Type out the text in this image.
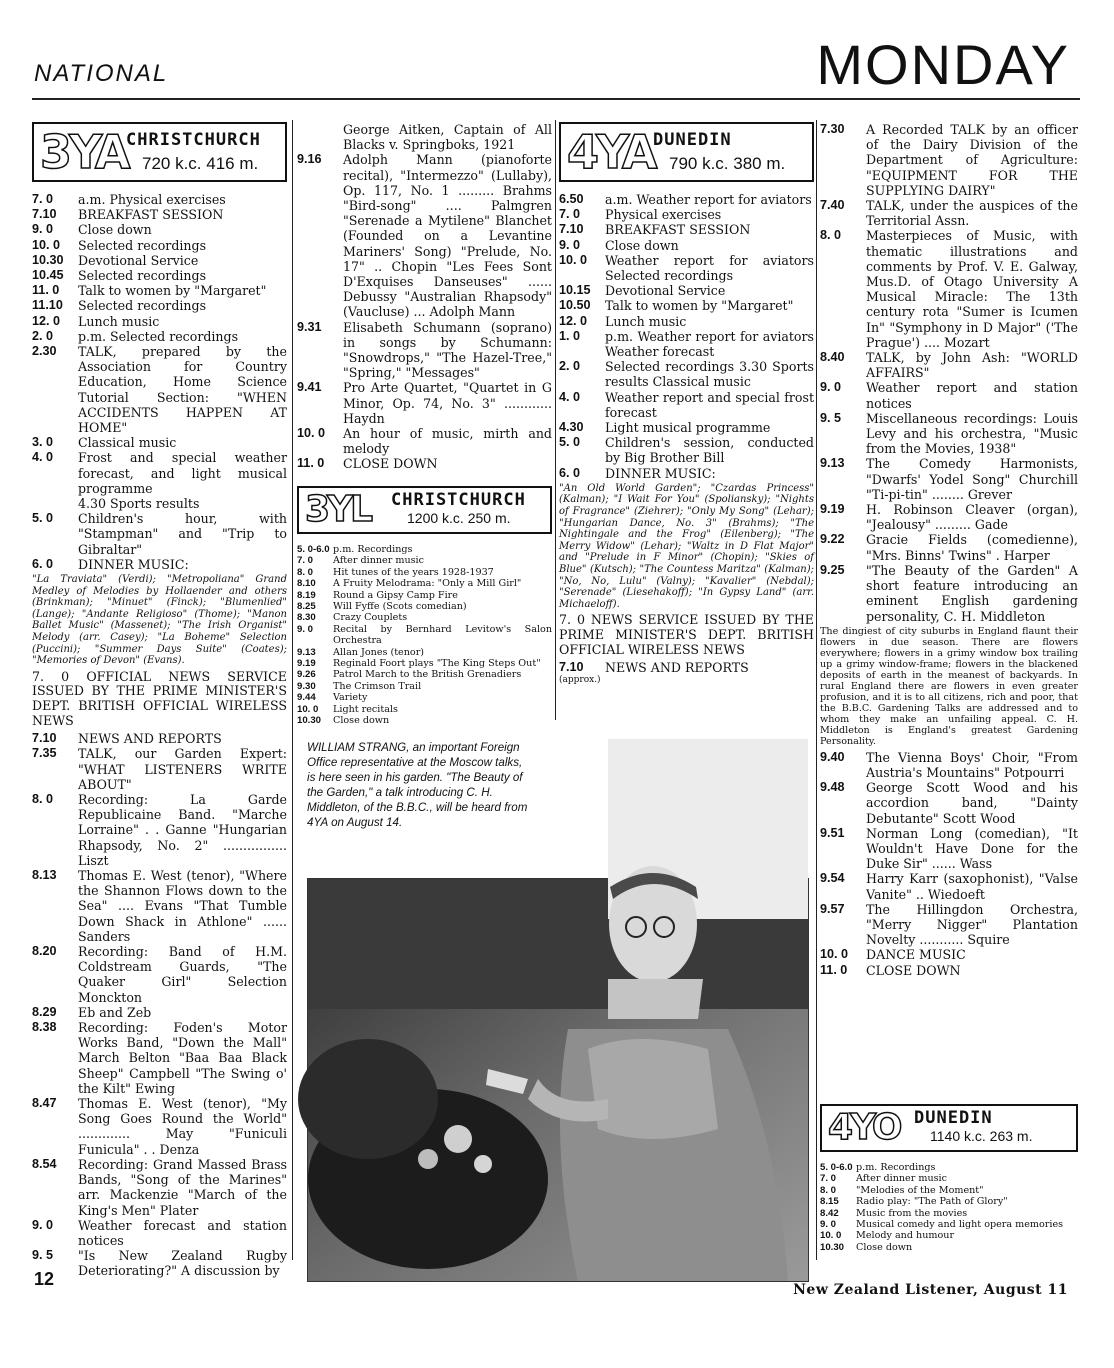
NATIONAL	MONDAY
3YA
CHRISTCHURCH
720 k.c. 416 m.
7. 0	a.m. Physical exercises
7.10	BREAKFAST SESSION
9. 0	Close down
10. 0	Selected recordings
10.30	Devotional Service
10.45	Selected recordings
11. 0	Talk to women by "Margaret"
11.10	Selected recordings
12. 0	Lunch music
2. 0	p.m. Selected recordings
2.30	TALK, prepared by the Association for Country Education, Home Science Tutorial Section: "WHEN ACCIDENTS HAPPEN AT HOME"
3. 0	Classical music
4. 0	Frost and special weather forecast, and light musical programme
4.30 Sports results
5. 0	Children's hour, with "Stampman" and "Trip to Gibraltar"
6. 0	DINNER MUSIC:
"La Traviata" (Verdi); "Metropoliana" Grand Medley of Melodies by Hollaender and others (Brinkman); "Minuet" (Finck); "Blumenlied" (Lange); "Andante Religioso" (Thome); "Manon Ballet Music" (Massenet); "The Irish Organist" Melody (arr. Casey); "La Boheme" Selection (Puccini); "Summer Days Suite" (Coates); "Memories of Devon" (Evans).
7. 0 OFFICIAL NEWS SERVICE ISSUED BY THE PRIME MINISTER'S DEPT. BRITISH OFFICIAL WIRELESS NEWS
7.10	NEWS AND REPORTS
7.35	TALK, our Garden Expert: "WHAT LISTENERS WRITE ABOUT"
8. 0	Recording: La Garde Republicaine Band. "Marche Lorraine" . . Ganne "Hungarian Rhapsody, No. 2" ................ Liszt
8.13	Thomas E. West (tenor), "Where the Shannon Flows down to the Sea" .... Evans "That Tumble Down Shack in Athlone" ...... Sanders
8.20	Recording: Band of H.M. Coldstream Guards, "The Quaker Girl" Selection Monckton
8.29	Eb and Zeb
8.38	Recording: Foden's Motor Works Band, "Down the Mall" March Belton "Baa Baa Black Sheep" Campbell "The Swing o' the Kilt" Ewing
8.47	Thomas E. West (tenor), "My Song Goes Round the World" ............. May "Funiculi Funicula" . . Denza
8.54	Recording: Grand Massed Brass Bands, "Song of the Marines" arr. Mackenzie "March of the King's Men" Plater
9. 0	Weather forecast and station notices
9. 5	"Is New Zealand Rugby Deteriorating?" A discussion by
George Aitken, Captain of All Blacks v. Springboks, 1921
9.16	Adolph Mann (pianoforte recital), "Intermezzo" (Lullaby), Op. 117, No. 1 ......... Brahms "Bird-song" .... Palmgren "Serenade a Mytilene" Blanchet (Founded on a Levantine Mariners' Song) "Prelude, No. 17" .. Chopin "Les Fees Sont D'Exquises Danseuses" ...... Debussy "Australian Rhapsody" (Vaucluse) ... Adolph Mann
9.31	Elisabeth Schumann (soprano) in songs by Schumann: "Snowdrops," "The Hazel-Tree," "Spring," "Messages"
9.41	Pro Arte Quartet, "Quartet in G Minor, Op. 74, No. 3" ............ Haydn
10. 0	An hour of music, mirth and melody
11. 0	CLOSE DOWN
3YL CHRISTCHURCH
1200 k.c. 250 m.
5. 0-6.0 p.m. Recordings
7. 0	After dinner music
8. 0	Hit tunes of the years 1928-1937
8.10	A Fruity Melodrama: "Only a Mill Girl"
8.19	Round a Gipsy Camp Fire
8.25	Will Fyffe (Scots comedian)
8.30	Crazy Couplets
9. 0	Recital by Bernhard Levitow's Salon Orchestra
9.13	Allan Jones (tenor)
9.19	Reginald Foort plays "The King Steps Out"
9.26	Patrol March to the British Grenadiers
9.30	The Crimson Trail
9.44	Variety
10. 0	Light recitals
10.30	Close down
4YA
DUNEDIN
790 k.c. 380 m.
6.50	a.m. Weather report for aviators
7. 0	Physical exercises
7.10	BREAKFAST SESSION
9. 0	Close down
10. 0	Weather report for aviators Selected recordings
10.15	Devotional Service
10.50	Talk to women by "Margaret"
12. 0	Lunch music
1. 0	p.m. Weather report for aviators Weather forecast
2. 0	Selected recordings 3.30 Sports results Classical music
4. 0	Weather report and special frost forecast
4.30	Light musical programme
5. 0	Children's session, conducted by Big Brother Bill
6. 0	DINNER MUSIC:
"An Old World Garden"; "Czardas Princess" (Kalman); "I Wait For You" (Spoliansky); "Nights of Fragrance" (Ziehrer); "Only My Song" (Lehar); "Hungarian Dance, No. 3" (Brahms); "The Nightingale and the Frog" (Eilenberg); "The Merry Widow" (Lehar); "Waltz in D Flat Major" and "Prelude in F Minor" (Chopin); "Skies of Blue" (Kutsch); "The Countess Maritza" (Kalman); "No, No, Lulu" (Valny); "Kavalier" (Nebdal); "Serenade" (Liesehakoff); "In Gypsy Land" (arr. Michaeloff).
7. 0 NEWS SERVICE ISSUED BY THE PRIME MINISTER'S DEPT. BRITISH OFFICIAL WIRELESS NEWS
7.10	NEWS AND REPORTS
(approx.)
WILLIAM STRANG, an important Foreign Office representative at the Moscow talks, is here seen in his garden. "The Beauty of the Garden," a talk introducing C. H. Middleton, of the B.B.C., will be heard from 4YA on August 14.
7.30	A Recorded TALK by an officer of the Dairy Division of the Department of Agriculture: "EQUIPMENT FOR THE SUPPLYING DAIRY"
7.40	TALK, under the auspices of the Territorial Assn.
8. 0	Masterpieces of Music, with thematic illustrations and comments by Prof. V. E. Galway, Mus.D. of Otago University A Musical Miracle: The 13th century rota "Sumer is Icumen In" "Symphony in D Major" ('The Prague') .... Mozart
8.40	TALK, by John Ash: "WORLD AFFAIRS"
9. 0	Weather report and station notices
9. 5	Miscellaneous recordings: Louis Levy and his orchestra, "Music from the Movies, 1938"
9.13	The Comedy Harmonists, "Dwarfs' Yodel Song" Churchill "Ti-pi-tin" ........ Grever
9.19	H. Robinson Cleaver (organ), "Jealousy" ......... Gade
9.22	Gracie Fields (comedienne), "Mrs. Binns' Twins" . Harper
9.25	"The Beauty of the Garden" A short feature introducing an eminent English gardening personality, C. H. Middleton
The dingiest of city suburbs in England flaunt their flowers in due season. There are flowers everywhere; flowers in a grimy window box trailing up a grimy window-frame; flowers in the blackened deposits of earth in the meanest of backyards. In rural England there are flowers in even greater profusion, and it is to all citizens, rich and poor, that the B.B.C. Gardening Talks are addressed and to whom they make an unfailing appeal. C. H. Middleton is England's greatest Gardening Personality.
9.40	The Vienna Boys' Choir, "From Austria's Mountains" Potpourri
9.48	George Scott Wood and his accordion band, "Dainty Debutante" Scott Wood
9.51	Norman Long (comedian), "It Wouldn't Have Done for the Duke Sir" ...... Wass
9.54	Harry Karr (saxophonist), "Valse Vanite" .. Wiedoeft
9.57	The Hillingdon Orchestra, "Merry Nigger" Plantation Novelty ........... Squire
10. 0	DANCE MUSIC
11. 0	CLOSE DOWN
4YO DUNEDIN
1140 k.c. 263 m.
5. 0-6.0 p.m. Recordings
7. 0	After dinner music
8. 0	"Melodies of the Moment"
8.15	Radio play: "The Path of Glory"
8.42	Music from the movies
9. 0	Musical comedy and light opera memories
10. 0	Melody and humour
10.30	Close down
12
New Zealand Listener, August 11
